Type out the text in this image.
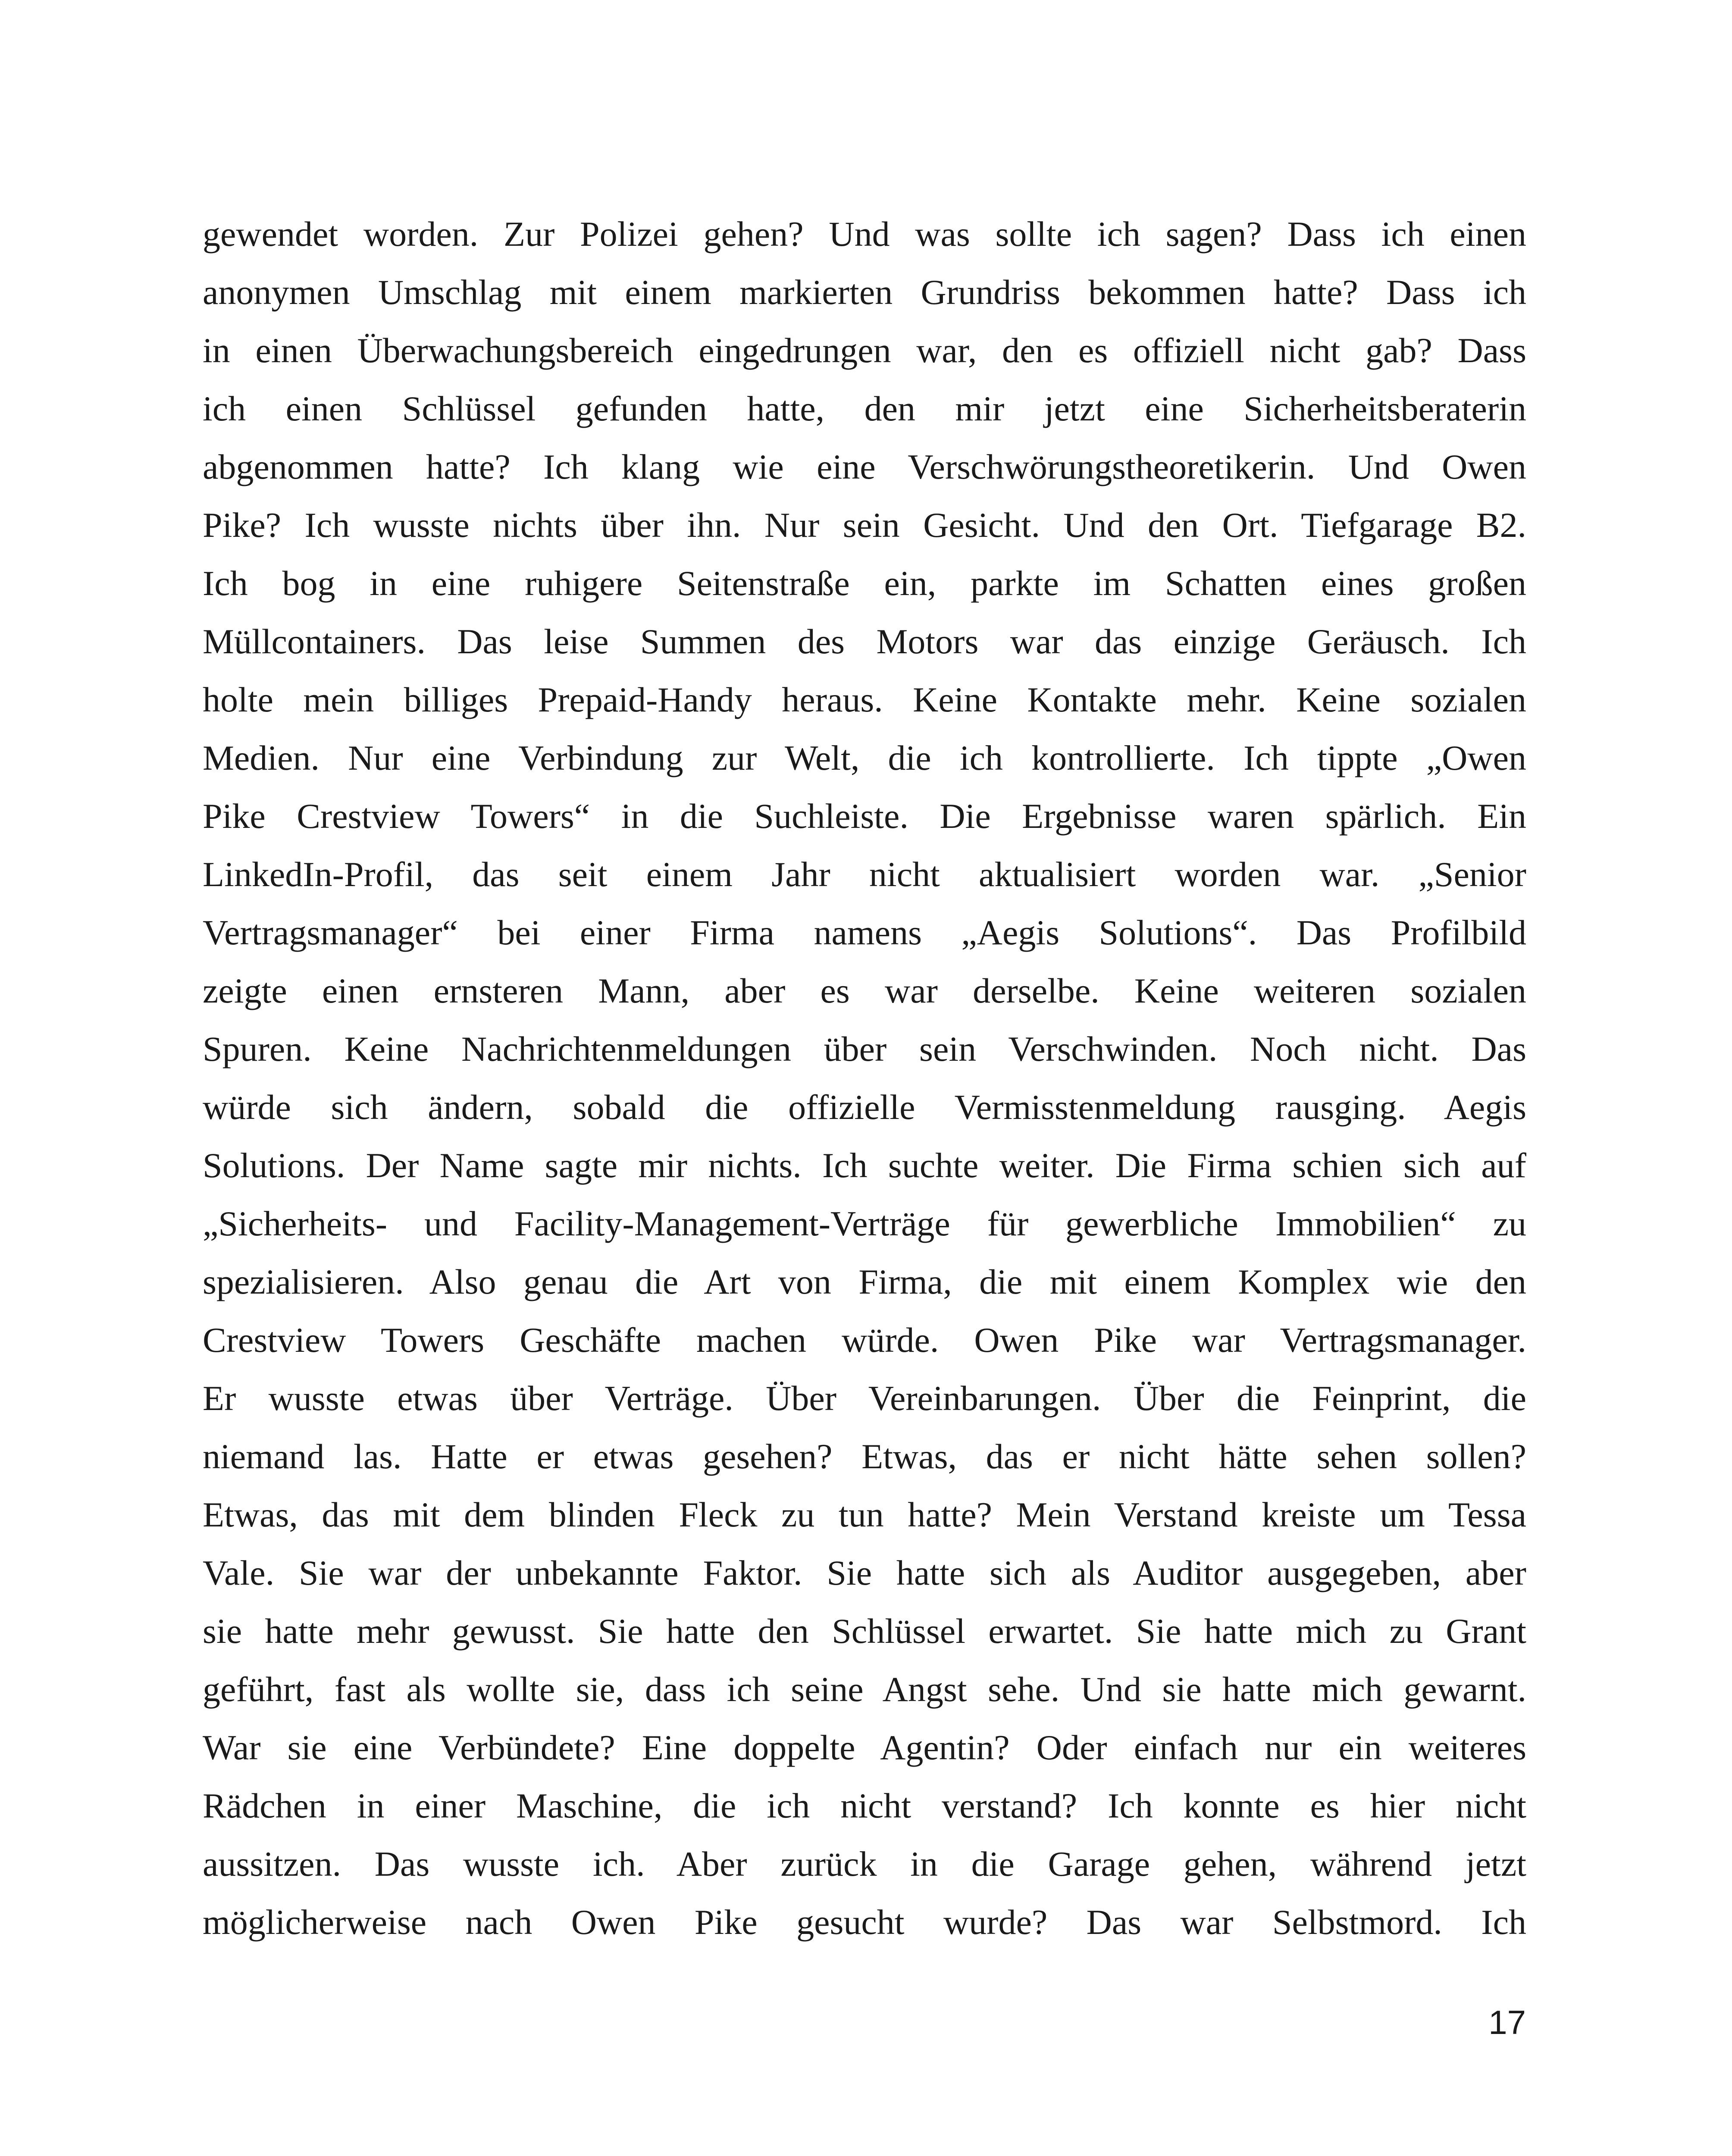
gewendet worden. Zur Polizei gehen? Und was sollte ich sagen? Dass ich einen
anonymen Umschlag mit einem markierten Grundriss bekommen hatte? Dass ich
in einen Überwachungsbereich eingedrungen war, den es offiziell nicht gab? Dass
ich einen Schlüssel gefunden hatte, den mir jetzt eine Sicherheitsberaterin
abgenommen hatte? Ich klang wie eine Verschwörungstheoretikerin. Und Owen
Pike? Ich wusste nichts über ihn. Nur sein Gesicht. Und den Ort. Tiefgarage B2.
Ich bog in eine ruhigere Seitenstraße ein, parkte im Schatten eines großen
Müllcontainers. Das leise Summen des Motors war das einzige Geräusch. Ich
holte mein billiges Prepaid-Handy heraus. Keine Kontakte mehr. Keine sozialen
Medien. Nur eine Verbindung zur Welt, die ich kontrollierte. Ich tippte „Owen
Pike Crestview Towers“ in die Suchleiste. Die Ergebnisse waren spärlich. Ein
LinkedIn-Profil, das seit einem Jahr nicht aktualisiert worden war. „Senior
Vertragsmanager“ bei einer Firma namens „Aegis Solutions“. Das Profilbild
zeigte einen ernsteren Mann, aber es war derselbe. Keine weiteren sozialen
Spuren. Keine Nachrichtenmeldungen über sein Verschwinden. Noch nicht. Das
würde sich ändern, sobald die offizielle Vermisstenmeldung rausging. Aegis
Solutions. Der Name sagte mir nichts. Ich suchte weiter. Die Firma schien sich auf
„Sicherheits- und Facility-Management-Verträge für gewerbliche Immobilien“ zu
spezialisieren. Also genau die Art von Firma, die mit einem Komplex wie den
Crestview Towers Geschäfte machen würde. Owen Pike war Vertragsmanager.
Er wusste etwas über Verträge. Über Vereinbarungen. Über die Feinprint, die
niemand las. Hatte er etwas gesehen? Etwas, das er nicht hätte sehen sollen?
Etwas, das mit dem blinden Fleck zu tun hatte? Mein Verstand kreiste um Tessa
Vale. Sie war der unbekannte Faktor. Sie hatte sich als Auditor ausgegeben, aber
sie hatte mehr gewusst. Sie hatte den Schlüssel erwartet. Sie hatte mich zu Grant
geführt, fast als wollte sie, dass ich seine Angst sehe. Und sie hatte mich gewarnt.
War sie eine Verbündete? Eine doppelte Agentin? Oder einfach nur ein weiteres
Rädchen in einer Maschine, die ich nicht verstand? Ich konnte es hier nicht
aussitzen. Das wusste ich. Aber zurück in die Garage gehen, während jetzt
möglicherweise nach Owen Pike gesucht wurde? Das war Selbstmord. Ich
17
